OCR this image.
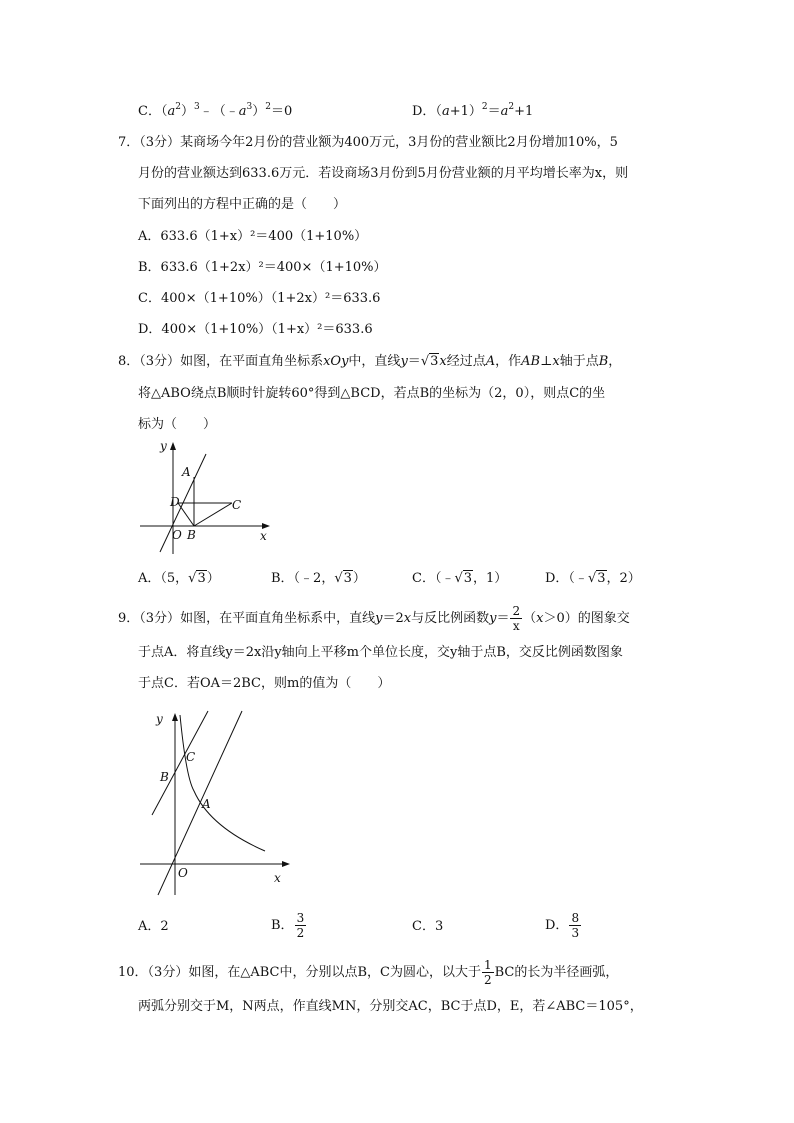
C．$(a^2)^3﹣(﹣a^3)^2=0$	D．$(a+1)^2=a^2+1$
7．（3分）某商场今年2月份的营业额为400万元，3月份的营业额比2月份增加10%，5
月份的营业额达到633.6万元．若设商场3月份到5月份营业额的月平均增长率为x，则
下面列出的方程中正确的是（　　）
A．633.6（1+x）²＝400（1+10%）
B．633.6（1+2x）²＝400×（1+10%）
C．400×（1+10%）（1+2x）²＝633.6
D．400×（1+10%）（1+x）²＝633.6
8．（3分）如图，在平面直角坐标系xOy中，直线y＝√3x经过点A，作AB⊥x轴于点B，
将△ABO绕点B顺时针旋转60°得到△BCD，若点B的坐标为（2，0），则点C的坐
标为（　　）
y
A
D	C
O B	x
A．（5，√3）	B．（﹣2，√3）	C．（﹣√3，1）	D．（﹣√3，2）
9．（3分）如图，在平面直角坐标系中，直线y＝2x与反比例函数$y= \frac{2}{x} (x>0)$的图象交
于点A．将直线y＝2x沿y轴向上平移m个单位长度，交y轴于点B，交反比例函数图象
于点C．若OA＝2BC，则m的值为（　　）
y
C
B
A
O	x
A．2	B． $\frac{3}{2}$	C．3	D． $\frac{8}{3}$
10．（3分）如图，在△ABC中，分别以点B，C为圆心，以大于 $\frac{1}{2}$ BC的长为半径画弧，
两弧分别交于M，N两点，作直线MN，分别交AC，BC于点D，E，若∠ABC＝105°，
